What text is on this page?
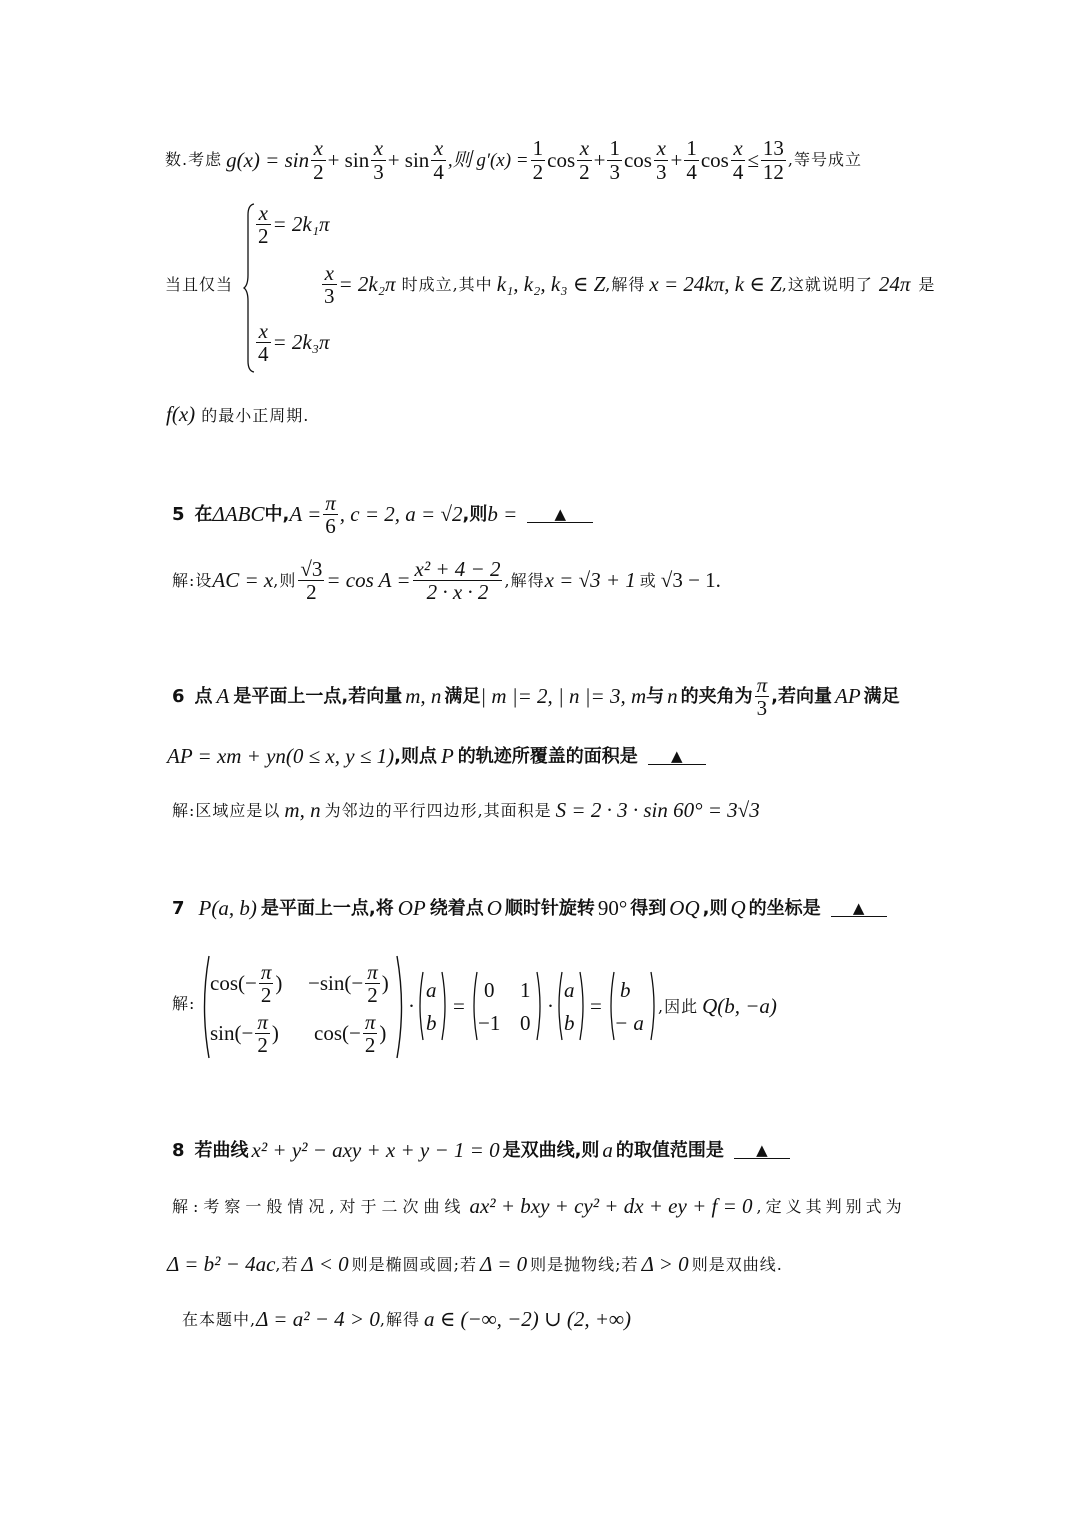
数.考虑 g(x) = sin x
2 + sin x
3 + sin x
4 ,则 $g'(x) = \frac{1}{2}$ cos x
$2 + \frac{1}{3}$ cos x
$3 + \frac{1}{4}$ $\cos \frac{x}{4} \le \frac{13}{12}$ ,等号成立
$\frac{x}{2} = 2k_1\pi$
当且仅当	$\frac{x}{3} = 2k_2\pi$ 时成立,其中 k₁, k₂, k₃ ∈ Z ,解得 x = 24kπ, k ∈ Z ,这就说明了 24π 是
$\frac{x}{4} = 2k_3\pi$
f(x) 的最小正周期.
5 在 ΔABC 中, $A = \frac{\pi}{6}$ , c = 2, a = √2 ,则 b =	▲
解:设 AC = x ,则 $\frac{√3}{2} = \cos A = \frac{\text{x² + 4 − 2}}{2 \cdot x \cdot 2}$ ,解得 x = √3 + 1 或 √3 − 1.
6 点 A 是平面上一点,若向量 m, n 满足 | m |= 2, | n |= 3, m 与 n 的夹角为 π
3 ,若向量 AP 满足
AP = xm + yn(0 ≤ x, y ≤ 1) ,则点 P 的轨迹所覆盖的面积是	▲
解:区域应是以 m, n 为邻边的平行四边形,其面积是 S = 2 · 3 · sin 60° = 3√3
7 P(a, b) 是平面上一点,将 OP 绕着点 O 顺时针旋转 90° 得到 OQ ,则 Q 的坐标是	▲
解:
$\cos(- \frac{\pi}{2}$ ) $-\sin(- \frac{\pi}{2}$ )
$\sin(- \frac{\pi}{2}$ ) $\cos(- \frac{\pi}{2}$ )
·
a
b
=
0 1
−1 0
·
a
b
=
b
− a
,因此 Q(b, −a)
8 若曲线 x² + y² − axy + x + y − 1 = 0 是双曲线,则 a 的取值范围是	▲
解:考察一般情况,对于二次曲线 ax² + bxy + cy² + dx + ey + f = 0 ,定义其判别式为
Δ = b² − 4ac ,若 Δ < 0 则是椭圆或圆;若 Δ = 0 则是抛物线;若 Δ > 0 则是双曲线.
在本题中, Δ = a² − 4 > 0 ,解得 a ∈ (−∞, −2) ∪ (2, +∞)
